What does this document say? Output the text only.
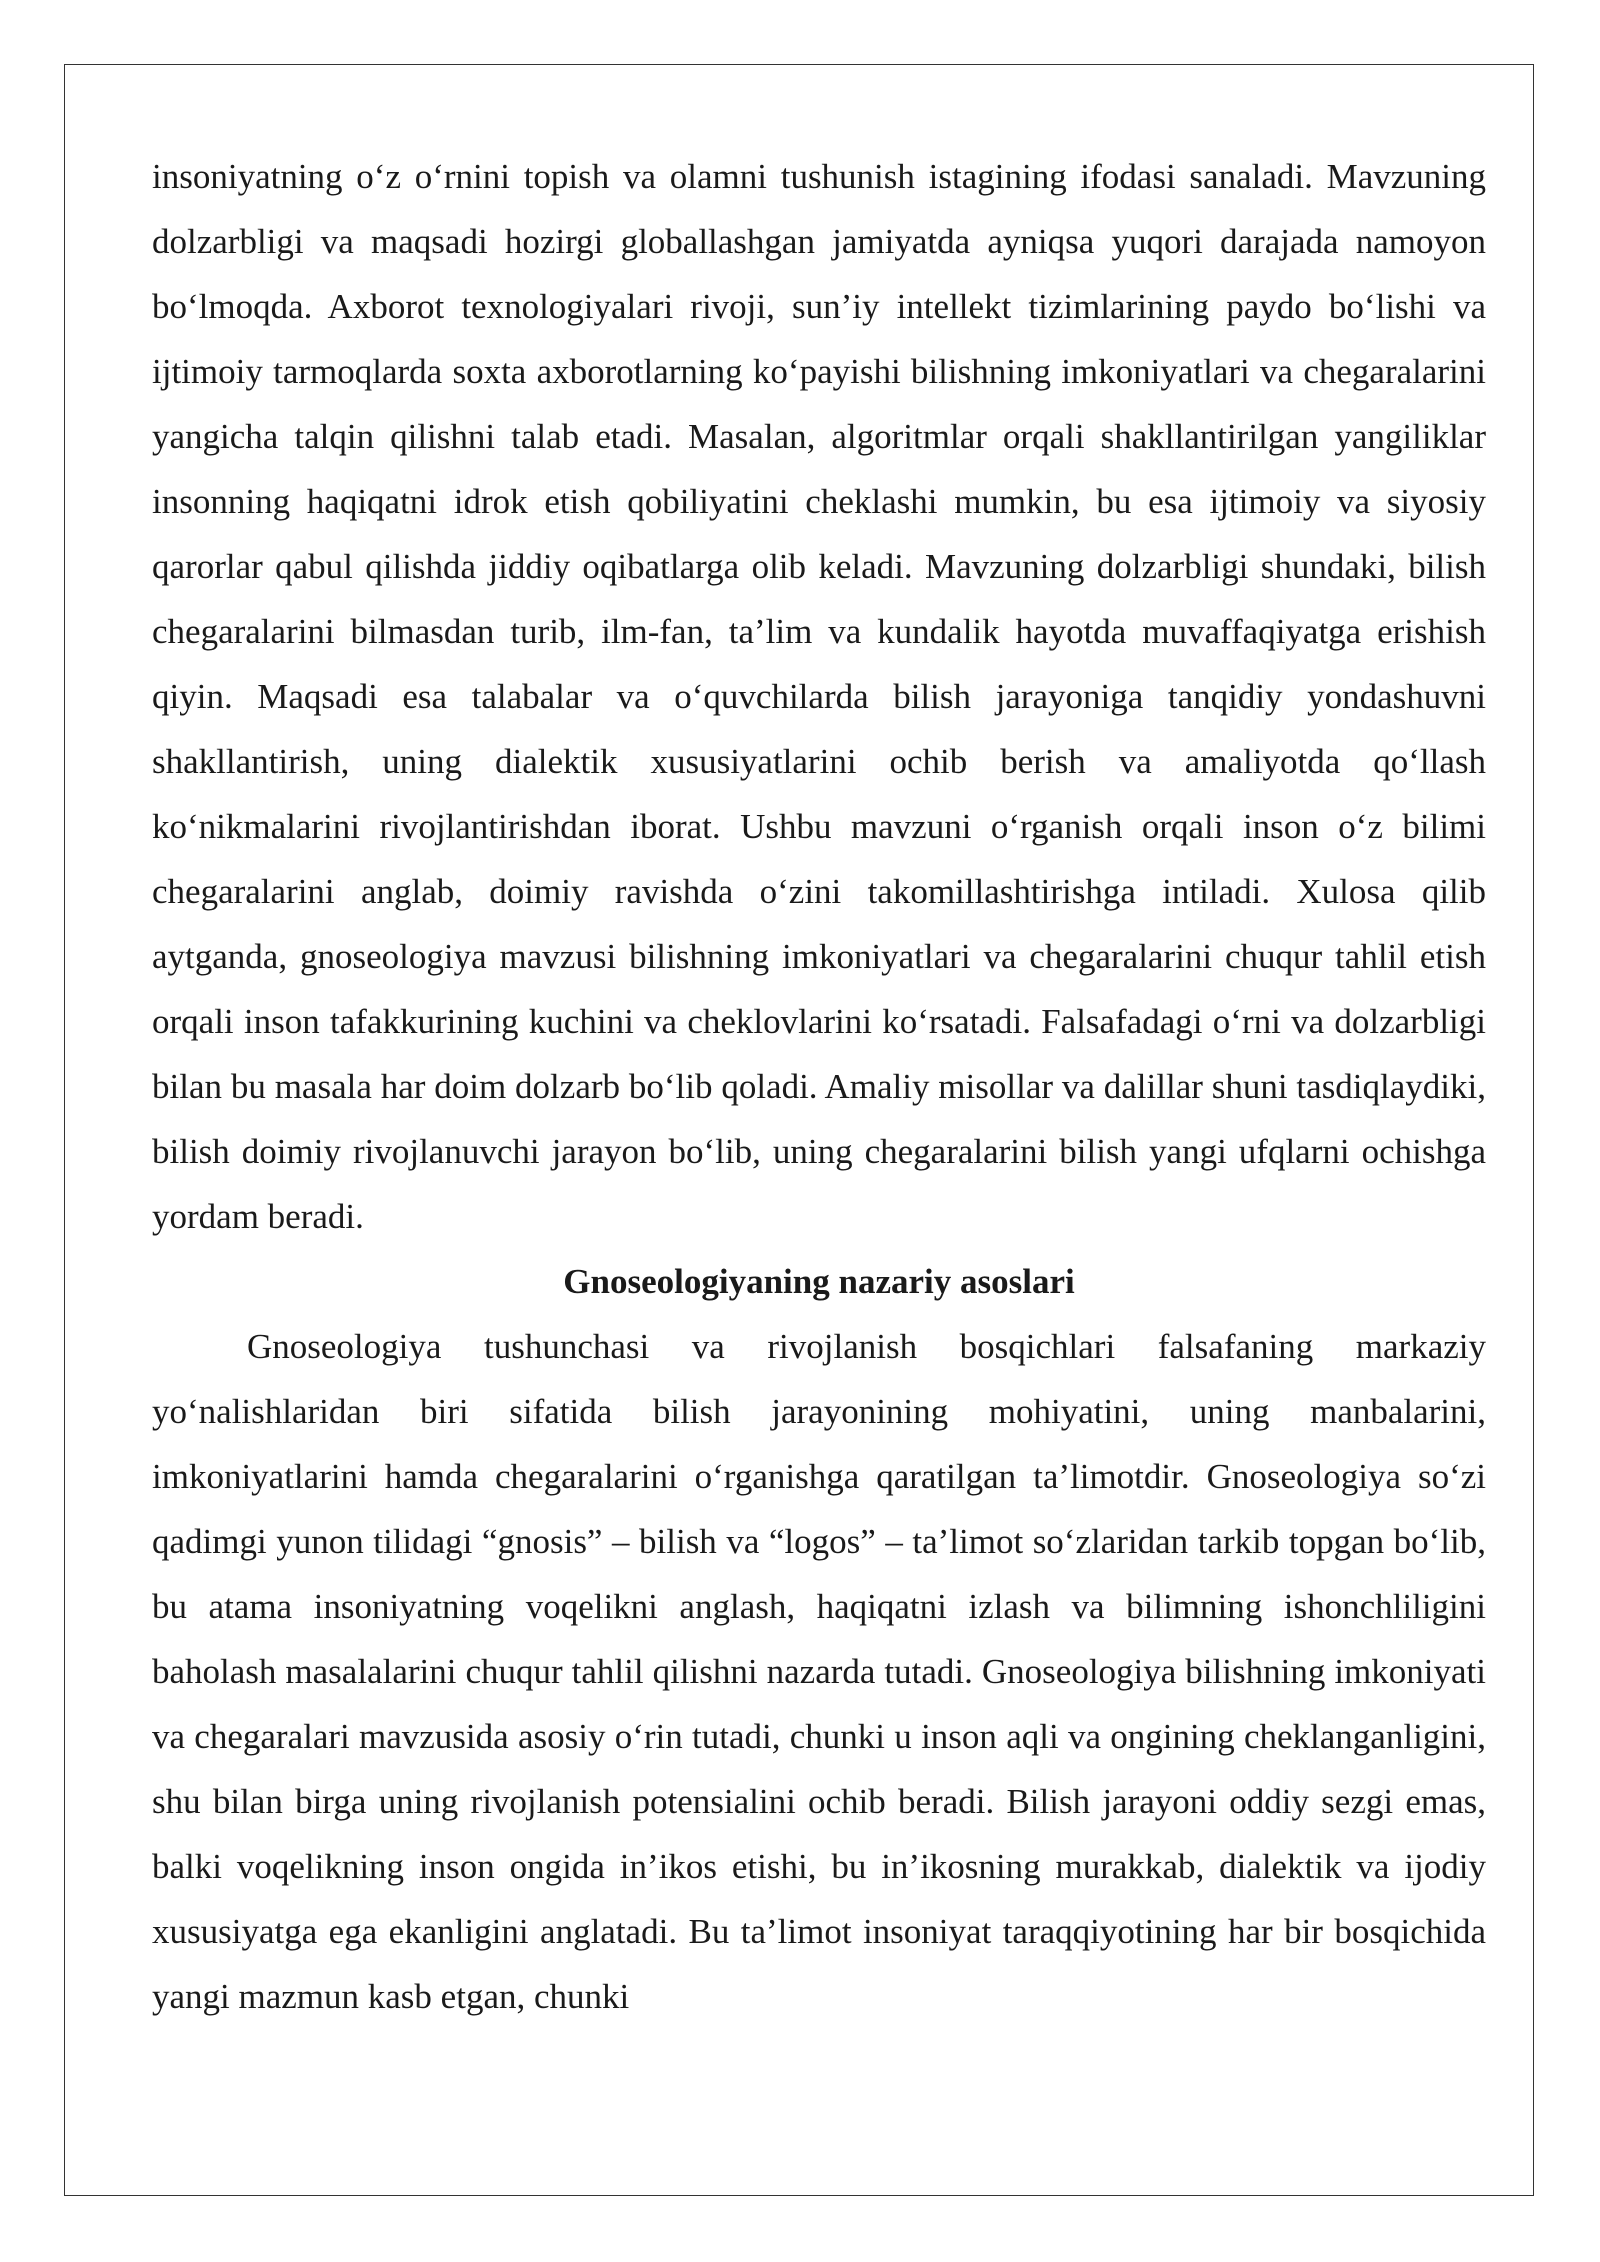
insoniyatning o‘z o‘rnini topish va olamni tushunish istagining ifodasi sanaladi. Mavzuning dolzarbligi va maqsadi hozirgi globallashgan jamiyatda ayniqsa yuqori darajada namoyon bo‘lmoqda. Axborot texnologiyalari rivoji, sun’iy intellekt tizimlarining paydo bo‘lishi va ijtimoiy tarmoqlarda soxta axborotlarning ko‘payishi bilishning imkoniyatlari va chegaralarini yangicha talqin qilishni talab etadi. Masalan, algoritmlar orqali shakllantirilgan yangiliklar insonning haqiqatni idrok etish qobiliyatini cheklashi mumkin, bu esa ijtimoiy va siyosiy qarorlar qabul qilishda jiddiy oqibatlarga olib keladi. Mavzuning dolzarbligi shundaki, bilish chegaralarini bilmasdan turib, ilm-fan, ta’lim va kundalik hayotda muvaffaqiyatga erishish qiyin. Maqsadi esa talabalar va o‘quvchilarda bilish jarayoniga tanqidiy yondashuvni shakllantirish, uning dialektik xususiyatlarini ochib berish va amaliyotda qo‘llash ko‘nikmalarini rivojlantirishdan iborat. Ushbu mavzuni o‘rganish orqali inson o‘z bilimi chegaralarini anglab, doimiy ravishda o‘zini takomillashtirishga intiladi. Xulosa qilib aytganda, gnoseologiya mavzusi bilishning imkoniyatlari va chegaralarini chuqur tahlil etish orqali inson tafakkurining kuchini va cheklovlarini ko‘rsatadi. Falsafadagi o‘rni va dolzarbligi bilan bu masala har doim dolzarb bo‘lib qoladi. Amaliy misollar va dalillar shuni tasdiqlaydiki, bilish doimiy rivojlanuvchi jarayon bo‘lib, uning chegaralarini bilish yangi ufqlarni ochishga yordam beradi.

Gnoseologiyaning nazariy asoslari

Gnoseologiya tushunchasi va rivojlanish bosqichlari falsafaning markaziy yo‘nalishlaridan biri sifatida bilish jarayonining mohiyatini, uning manbalarini, imkoniyatlarini hamda chegaralarini o‘rganishga qaratilgan ta’limotdir. Gnoseologiya so‘zi qadimgi yunon tilidagi “gnosis” – bilish va “logos” – ta’limot so‘zlaridan tarkib topgan bo‘lib, bu atama insoniyatning voqelikni anglash, haqiqatni izlash va bilimning ishonchliligini baholash masalalarini chuqur tahlil qilishni nazarda tutadi. Gnoseologiya bilishning imkoniyati va chegaralari mavzusida asosiy o‘rin tutadi, chunki u inson aqli va ongining cheklanganligini, shu bilan birga uning rivojlanish potensialini ochib beradi. Bilish jarayoni oddiy sezgi emas, balki voqelikning inson ongida in’ikos etishi, bu in’ikosning murakkab, dialektik va ijodiy xususiyatga ega ekanligini anglatadi. Bu ta’limot insoniyat taraqqiyotining har bir bosqichida yangi mazmun kasb etgan, chunki
